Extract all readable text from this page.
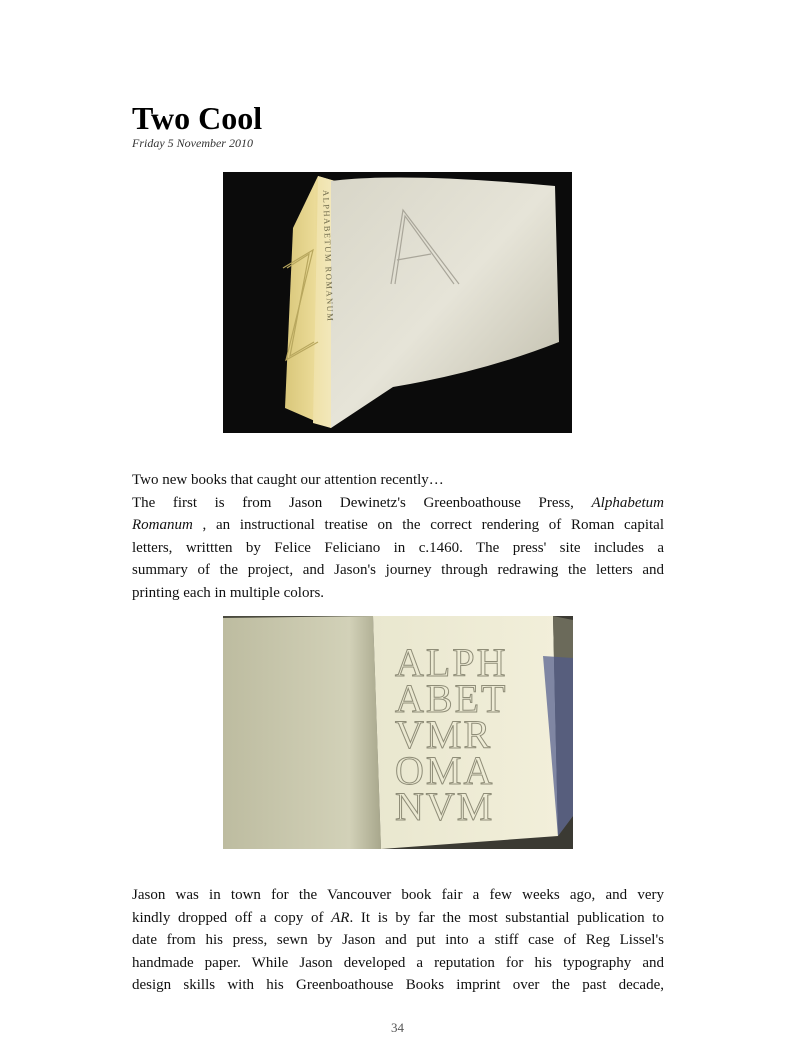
Two Cool
Friday 5 November 2010
ALPHABETUM ROMANUM

Two new books that caught our attention recently…
The first is from Jason Dewinetz's Greenboathouse Press, Alphabetum
Romanum , an instructional treatise on the correct rendering of Roman capital
letters, writtten by Felice Feliciano in c.1460. The press' site includes a
summary of the project, and Jason's journey through redrawing the letters and
printing each in multiple colors.

ALPH
ABET
VMR
OMA
NVM

Jason was in town for the Vancouver book fair a few weeks ago, and very
kindly dropped off a copy of AR. It is by far the most substantial publication to
date from his press, sewn by Jason and put into a stiff case of Reg Lissel's
handmade paper. While Jason developed a reputation for his typography and
design skills with his Greenboathouse Books imprint over the past decade,

34
